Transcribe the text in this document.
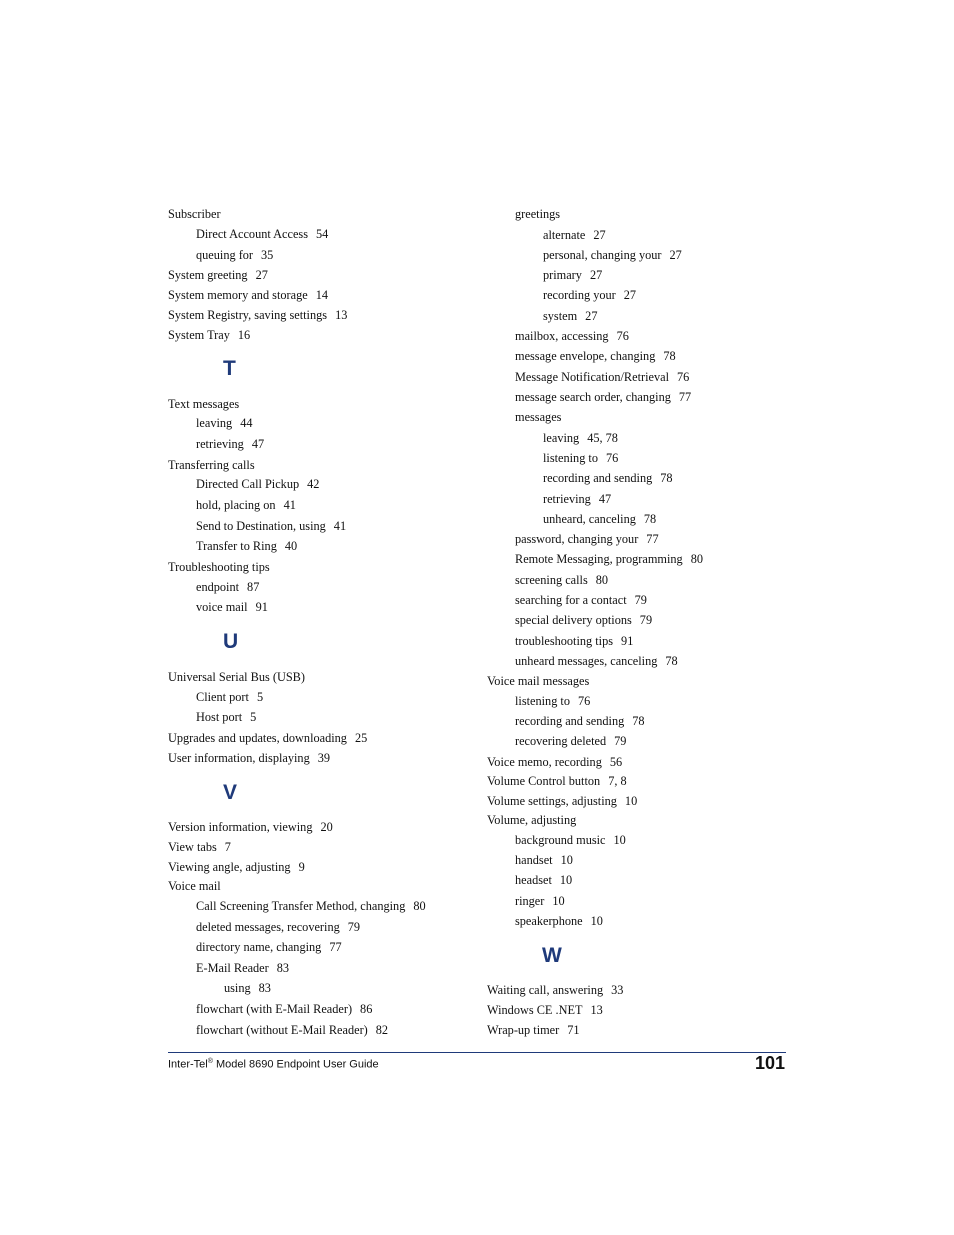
Subscriber
Direct Account Access 54
queuing for 35
System greeting 27
System memory and storage 14
System Registry, saving settings 13
System Tray 16
T
Text messages
leaving 44
retrieving 47
Transferring calls
Directed Call Pickup 42
hold, placing on 41
Send to Destination, using 41
Transfer to Ring 40
Troubleshooting tips
endpoint 87
voice mail 91
U
Universal Serial Bus (USB)
Client port 5
Host port 5
Upgrades and updates, downloading 25
User information, displaying 39
V
Version information, viewing 20
View tabs 7
Viewing angle, adjusting 9
Voice mail
Call Screening Transfer Method, changing 80
deleted messages, recovering 79
directory name, changing 77
E-Mail Reader 83
using 83
flowchart (with E-Mail Reader) 86
flowchart (without E-Mail Reader) 82
greetings
alternate 27
personal, changing your 27
primary 27
recording your 27
system 27
mailbox, accessing 76
message envelope, changing 78
Message Notification/Retrieval 76
message search order, changing 77
messages
leaving 45, 78
listening to 76
recording and sending 78
retrieving 47
unheard, canceling 78
password, changing your 77
Remote Messaging, programming 80
screening calls 80
searching for a contact 79
special delivery options 79
troubleshooting tips 91
unheard messages, canceling 78
Voice mail messages
listening to 76
recording and sending 78
recovering deleted 79
Voice memo, recording 56
Volume Control button 7, 8
Volume settings, adjusting 10
Volume, adjusting
background music 10
handset 10
headset 10
ringer 10
speakerphone 10
W
Waiting call, answering 33
Windows CE .NET 13
Wrap-up timer 71
Inter-Tel® Model 8690 Endpoint User Guide	101
